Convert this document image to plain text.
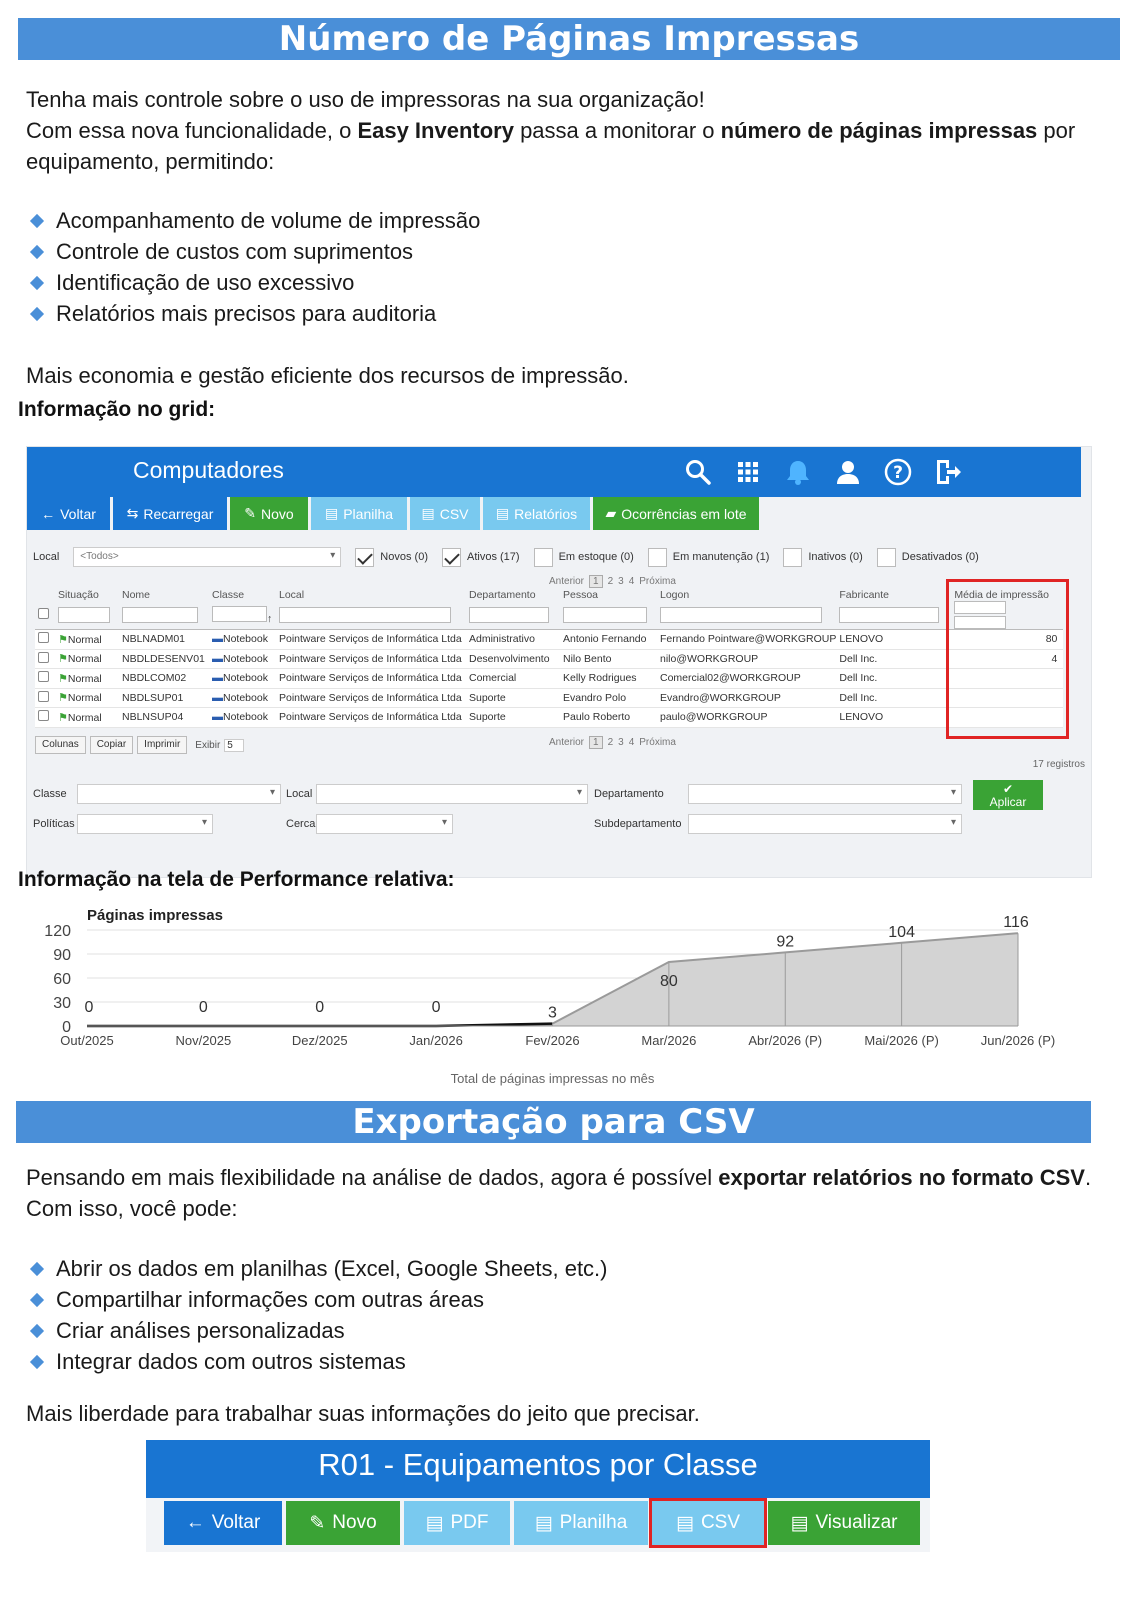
Número de Páginas Impressas
Tenha mais controle sobre o uso de impressoras na sua organização!
Com essa nova funcionalidade, o Easy Inventory passa a monitorar o número de páginas impressas por
equipamento, permitindo:
Acompanhamento de volume de impressão
Controle de custos com suprimentos
Identificação de uso excessivo
Relatórios mais precisos para auditoria
Mais economia e gestão eficiente dos recursos de impressão.
Informação no grid:
Computadores	?
← Voltar ⇆ Recarregar ✎ Novo ▤ Planilha ▤ CSV ▤ Relatórios ▰ Ocorrências em lote
Local	<Todos> ▾	Novos (0)	Ativos (17)	Em estoque (0)	Em manutenção (1)	Inativos (0)	Desativados (0)
Anterior 1 2 3 4 Próxima
	Situação	Nome	Classe	Local	Departamento	Pessoa	Logon	Fabricante	Média de impressão

	↑	

	⚑Normal	NBLNADM01	▬Notebook	Pointware Serviços de Informática Ltda	Administrativo	Antonio Fernando	Fernando Pointware@WORKGROUP	LENOVO	80
	⚑Normal	NBDLDESENV01	▬Notebook	Pointware Serviços de Informática Ltda	Desenvolvimento	Nilo Bento	nilo@WORKGROUP	Dell Inc.	4
	⚑Normal	NBDLCOM02	▬Notebook	Pointware Serviços de Informática Ltda	Comercial	Kelly Rodrigues	Comercial02@WORKGROUP	Dell Inc.	
	⚑Normal	NBDLSUP01	▬Notebook	Pointware Serviços de Informática Ltda	Suporte	Evandro Polo	Evandro@WORKGROUP	Dell Inc.	
	⚑Normal	NBLNSUP04	▬Notebook	Pointware Serviços de Informática Ltda	Suporte	Paulo Roberto	paulo@WORKGROUP	LENOVO	
Colunas	Copiar	Imprimir	Exibir 5	Anterior 1 2 3 4 Próxima
17 registros
Classe ▾	Local ▾	Departamento ▾	✔
Aplicar
Políticas ▾	Cerca ▾	Subdepartamento
▾
Informação na tela de Performance relativa:
Páginas impressas
0
30
60
90
120
Out/2025
0
Nov/2025
0
Dez/2025
0
Jan/2026
0
Fev/2026
3
Mar/2026
80
Abr/2026 (P)
92
Mai/2026 (P)
104
Jun/2026 (P)
116
Total de páginas impressas no mês
Exportação para CSV
Pensando em mais flexibilidade na análise de dados, agora é possível exportar relatórios no formato CSV.
Com isso, você pode:
Abrir os dados em planilhas (Excel, Google Sheets, etc.)
Compartilhar informações com outras áreas
Criar análises personalizadas
Integrar dados com outros sistemas
Mais liberdade para trabalhar suas informações do jeito que precisar.
R01 - Equipamentos por Classe
← Voltar	✎ Novo	▤ PDF ▤ Planilha	▤ CSV	▤ Visualizar
